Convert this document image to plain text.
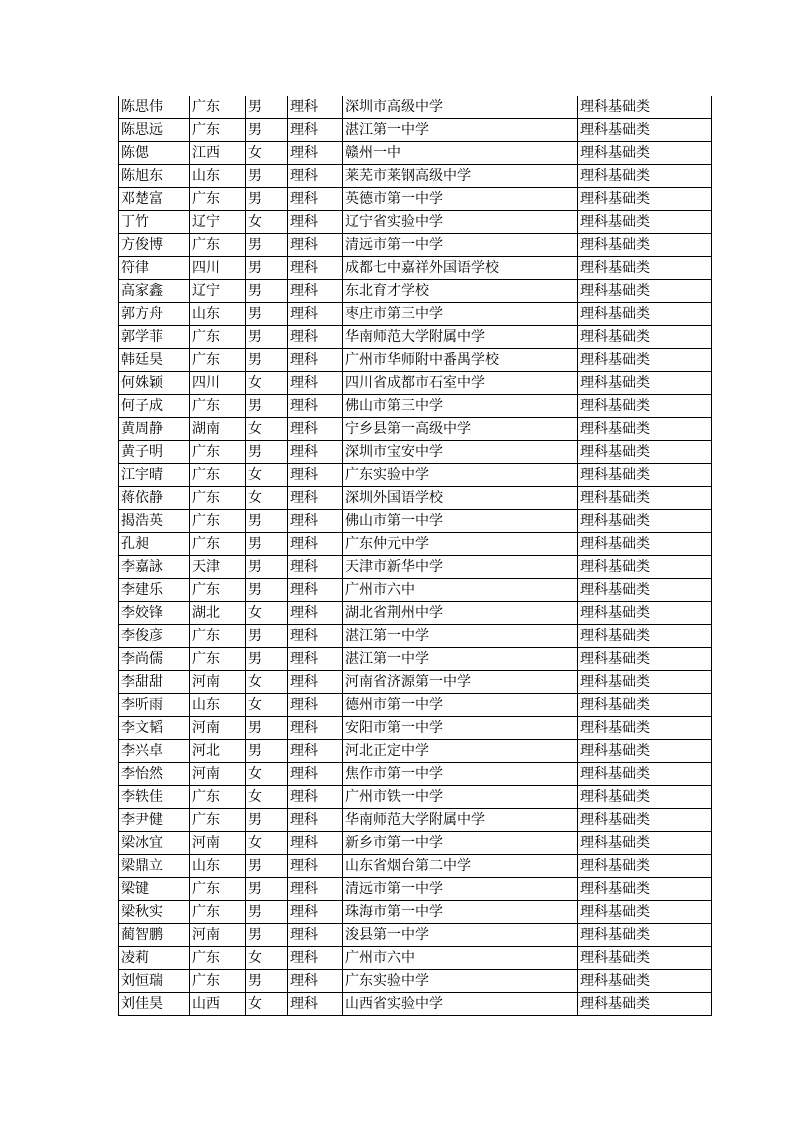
陈思伟	广东	男	理科	深圳市高级中学	理科基础类
陈思远	广东	男	理科	湛江第一中学	理科基础类
陈偲	江西	女	理科	赣州一中	理科基础类
陈旭东	山东	男	理科	莱芜市莱钢高级中学	理科基础类
邓楚富	广东	男	理科	英德市第一中学	理科基础类
丁竹	辽宁	女	理科	辽宁省实验中学	理科基础类
方俊博	广东	男	理科	清远市第一中学	理科基础类
符律	四川	男	理科	成都七中嘉祥外国语学校	理科基础类
高家鑫	辽宁	男	理科	东北育才学校	理科基础类
郭方舟	山东	男	理科	枣庄市第三中学	理科基础类
郭学菲	广东	男	理科	华南师范大学附属中学	理科基础类
韩廷昊	广东	男	理科	广州市华师附中番禺学校	理科基础类
何姝颖	四川	女	理科	四川省成都市石室中学	理科基础类
何子成	广东	男	理科	佛山市第三中学	理科基础类
黄周静	湖南	女	理科	宁乡县第一高级中学	理科基础类
黄子明	广东	男	理科	深圳市宝安中学	理科基础类
江宇晴	广东	女	理科	广东实验中学	理科基础类
蒋依静	广东	女	理科	深圳外国语学校	理科基础类
揭浩英	广东	男	理科	佛山市第一中学	理科基础类
孔昶	广东	男	理科	广东仲元中学	理科基础类
李嘉詠	天津	男	理科	天津市新华中学	理科基础类
李建乐	广东	男	理科	广州市六中	理科基础类
李姣锋	湖北	女	理科	湖北省荆州中学	理科基础类
李俊彦	广东	男	理科	湛江第一中学	理科基础类
李尚儒	广东	男	理科	湛江第一中学	理科基础类
李甜甜	河南	女	理科	河南省济源第一中学	理科基础类
李听雨	山东	女	理科	德州市第一中学	理科基础类
李文韬	河南	男	理科	安阳市第一中学	理科基础类
李兴卓	河北	男	理科	河北正定中学	理科基础类
李怡然	河南	女	理科	焦作市第一中学	理科基础类
李轶佳	广东	女	理科	广州市铁一中学	理科基础类
李尹健	广东	男	理科	华南师范大学附属中学	理科基础类
梁冰宜	河南	女	理科	新乡市第一中学	理科基础类
梁鼎立	山东	男	理科	山东省烟台第二中学	理科基础类
梁键	广东	男	理科	清远市第一中学	理科基础类
梁秋实	广东	男	理科	珠海市第一中学	理科基础类
蔺智鹏	河南	男	理科	浚县第一中学	理科基础类
凌莉	广东	女	理科	广州市六中	理科基础类
刘恒瑞	广东	男	理科	广东实验中学	理科基础类
刘佳昊	山西	女	理科	山西省实验中学	理科基础类
